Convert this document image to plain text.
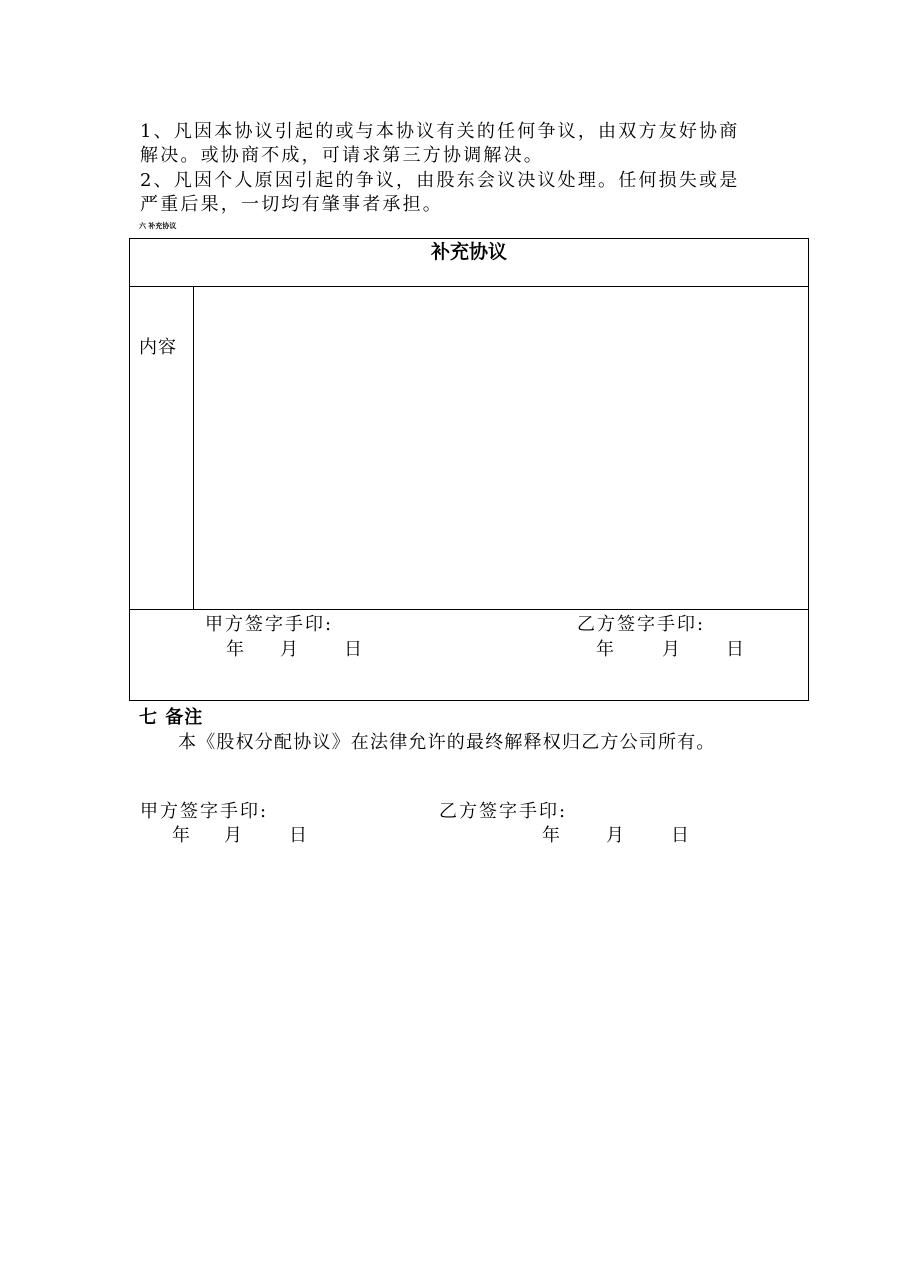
1、凡因本协议引起的或与本协议有关的任何争议，由双方友好协商
解决。或协商不成，可请求第三方协调解决。
2、凡因个人原因引起的争议，由股东会议决议处理。任何损失或是
严重后果，一切均有肇事者承担。
六 补充协议
补充协议
内容
甲方签字手印:
年 月	日
乙方签字手印:
年	月	日
七 备注
本《股权分配协议》在法律允许的最终解释权归乙方公司所有。
甲方签字手印:
年 月	日
乙方签字手印:
年	月	日
